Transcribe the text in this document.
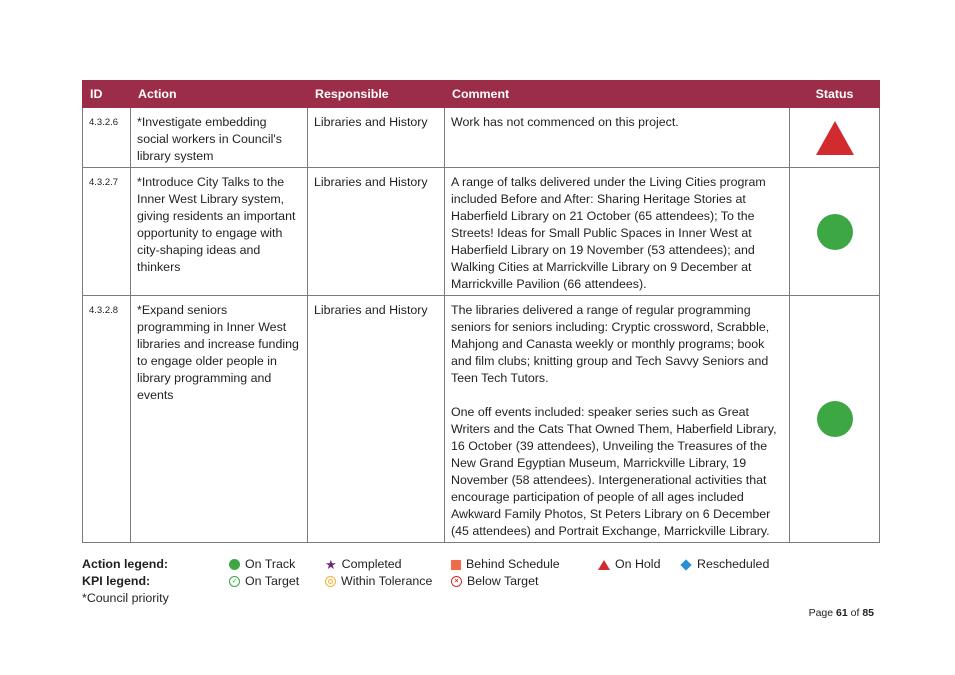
ID	Action	Responsible	Comment	Status
4.3.2.6	*Investigate embedding social workers in Council's library system	Libraries and History	Work has not commenced on this project.	

4.3.2.7	*Introduce City Talks to the Inner West Library system, giving residents an important opportunity to engage with city-shaping ideas and thinkers	Libraries and History	A range of talks delivered under the Living Cities program included Before and After: Sharing Heritage Stories at Haberfield Library on 21 October (65 attendees); To the Streets! Ideas for Small Public Spaces in Inner West at Haberfield Library on 19 November (53 attendees); and Walking Cities at Marrickville Library on 9 December at Marrickville Pavilion (66 attendees).	

4.3.2.8	*Expand seniors programming in Inner West libraries and increase funding to engage older people in library programming and events	Libraries and History	The libraries delivered a range of regular programming seniors for seniors including: Cryptic crossword, Scrabble, Mahjong and Canasta weekly or monthly programs; book and film clubs; knitting group and Tech Savvy Seniors and Teen Tech Tutors.

One off events included: speaker series such as Great Writers and the Cats That Owned Them, Haberfield Library, 16 October (39 attendees), Unveiling the Treasures of the New Grand Egyptian Museum, Marrickville Library, 19 November (58 attendees). Intergenerational activities that encourage participation of people of all ages included Awkward Family Photos, St Peters Library on 6 December (45 attendees) and Portrait Exchange, Marrickville Library.	

Action legend:
KPI legend:
*Council priority
On Track ★ Completed	Behind Schedule	On Hold	Rescheduled
✓ On Target	Within Tolerance	× Below Target
Page 61 of 85
